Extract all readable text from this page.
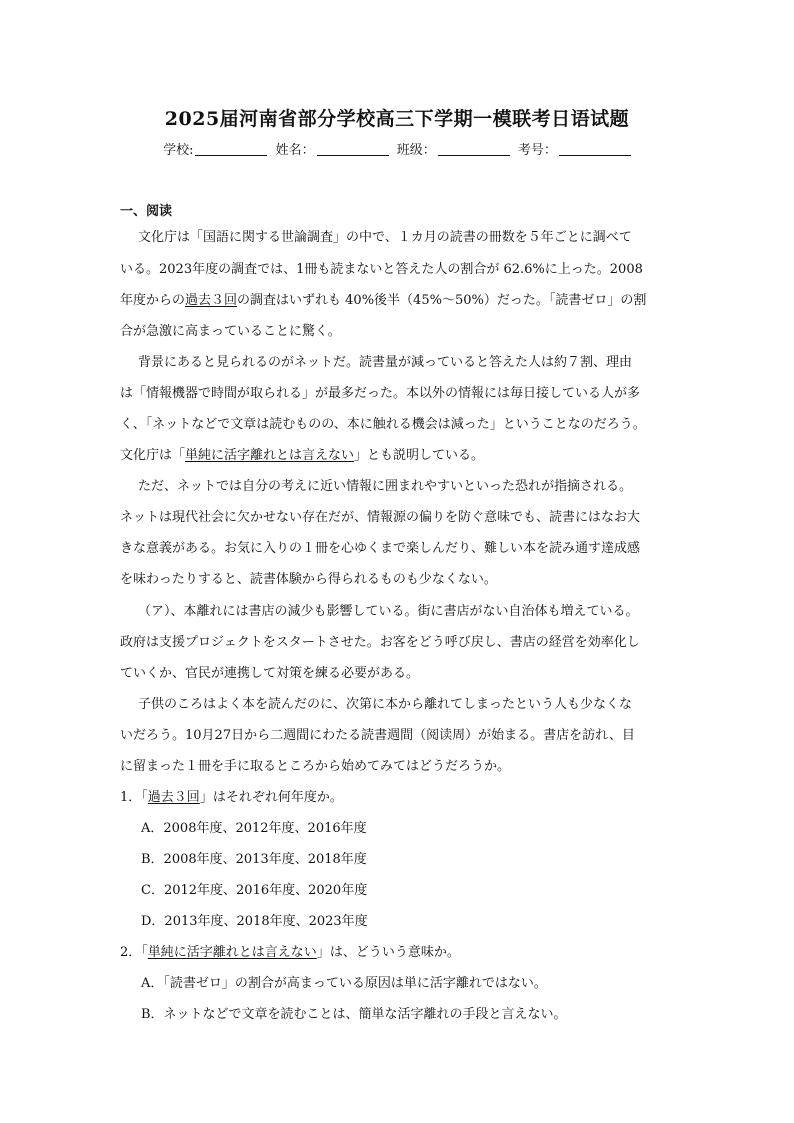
2025届河南省部分学校高三下学期一模联考日语试题
学校:	姓名：	班级：	考号：
一、阅读
文化庁は「国語に関する世論調査」の中で、１カ月の読書の冊数を５年ごとに調べて
いる。2023年度の調査では、1冊も読まないと答えた人の割合が 62.6%に上った。2008
年度からの過去３回の調査はいずれも 40%後半（45%～50%）だった。「読書ゼロ」の割
合が急激に高まっていることに驚く。
背景にあると見られるのがネットだ。読書量が減っていると答えた人は約７割、理由
は「情報機器で時間が取られる」が最多だった。本以外の情報には毎日接している人が多
く、「ネットなどで文章は読むものの、本に触れる機会は減った」ということなのだろう。
文化庁は「単純に活字離れとは言えない」とも説明している。
ただ、ネットでは自分の考えに近い情報に囲まれやすいといった恐れが指摘される。
ネットは現代社会に欠かせない存在だが、情報源の偏りを防ぐ意味でも、読書にはなお大
きな意義がある。お気に入りの１冊を心ゆくまで楽しんだり、難しい本を読み通す達成感
を味わったりすると、読書体験から得られるものも少なくない。
（ア）、本離れには書店の減少も影響している。街に書店がない自治体も増えている。
政府は支援プロジェクトをスタートさせた。お客をどう呼び戻し、書店の経営を効率化し
ていくか、官民が連携して対策を練る必要がある。
子供のころはよく本を読んだのに、次第に本から離れてしまったという人も少なくな
いだろう。10月27日から二週間にわたる読書週間（阅读周）が始まる。書店を訪れ、目
に留まった１冊を手に取るところから始めてみてはどうだろうか。
1．「過去３回」はそれぞれ何年度か。
A．2008年度、2012年度、2016年度
B．2008年度、2013年度、2018年度
C．2012年度、2016年度、2020年度
D．2013年度、2018年度、2023年度
2．「単純に活字離れとは言えない」は、どういう意味か。
A．「読書ゼロ」の割合が高まっている原因は単に活字離れではない。
B．ネットなどで文章を読むことは、簡単な活字離れの手段と言えない。
